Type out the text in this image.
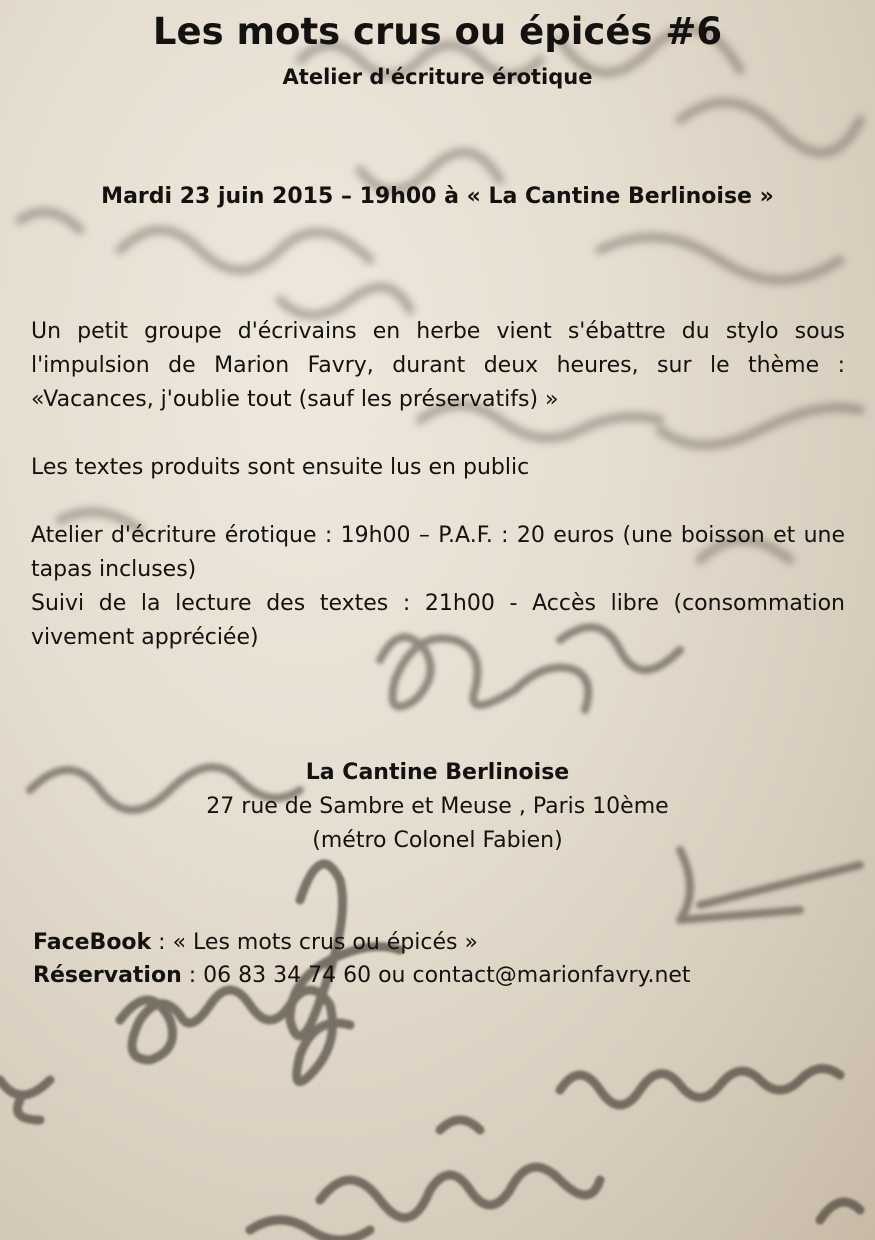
Les mots crus ou épicés #6
Atelier d'écriture érotique
Mardi 23 juin 2015 – 19h00 à « La Cantine Berlinoise »
Un petit groupe d'écrivains en herbe vient s'ébattre du stylo sous l'impulsion de Marion Favry, durant deux heures, sur le thème : «Vacances, j'oublie tout (sauf les préservatifs) »
Les textes produits sont ensuite lus en public
Atelier d'écriture érotique : 19h00 – P.A.F. : 20 euros (une boisson et une tapas incluses)
Suivi de la lecture des textes : 21h00 - Accès libre (consommation vivement appréciée)
La Cantine Berlinoise
27 rue de Sambre et Meuse , Paris 10ème
(métro Colonel Fabien)
FaceBook : « Les mots crus ou épicés »
Réservation : 06 83 34 74 60 ou contact@marionfavry.net
